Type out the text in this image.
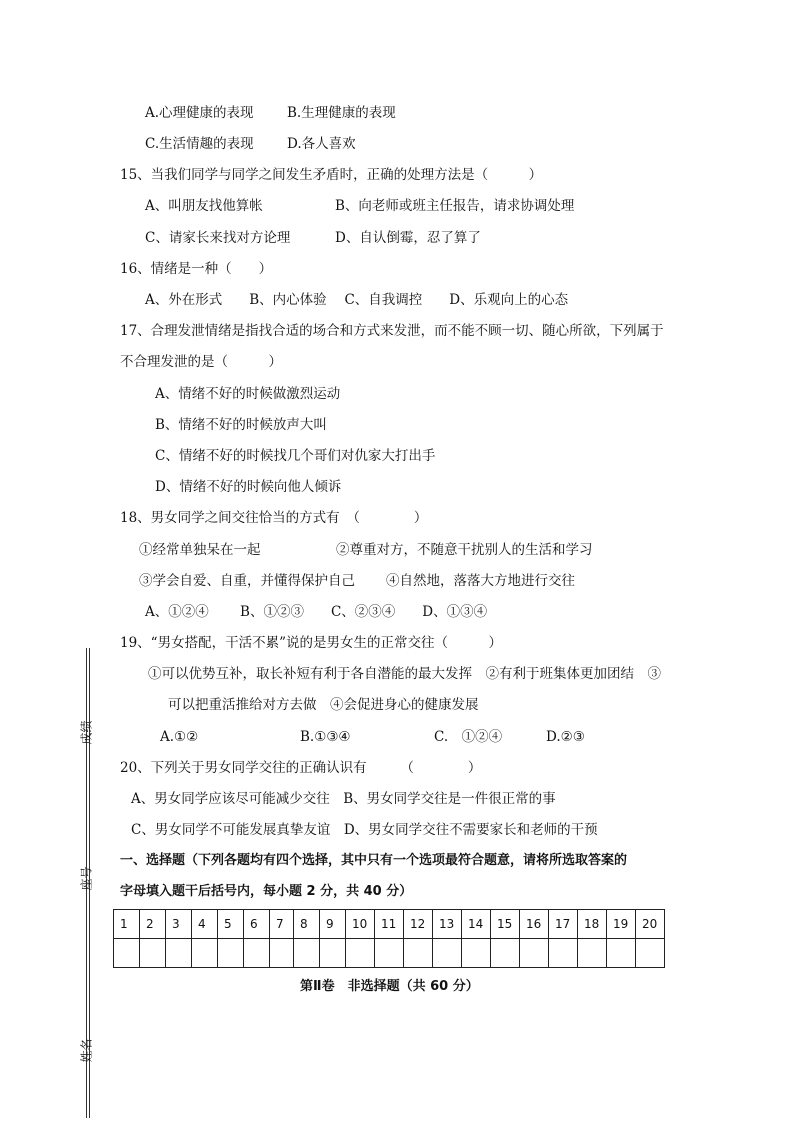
成绩
座号
姓名
A.心理健康的表现 B.生理健康的表现
C.生活情趣的表现 D.各人喜欢
15、当我们同学与同学之间发生矛盾时，正确的处理方法是（　　　）
A、叫朋友找他算帐	B、向老师或班主任报告，请求协调处理
C、请家长来找对方论理	D、自认倒霉，忍了算了
16、情绪是一种（　　）
A、外在形式　　B、内心体验　 C、自我调控　　D、乐观向上的心态
17、合理发泄情绪是指找合适的场合和方式来发泄，而不能不顾一切、随心所欲，下列属于
不合理发泄的是（　　　）
A、情绪不好的时候做激烈运动
B、情绪不好的时候放声大叫
C、情绪不好的时候找几个哥们对仇家大打出手
D、情绪不好的时候向他人倾诉
18、男女同学之间交往恰当的方式有　（　　　　）
①经常单独呆在一起	②尊重对方，不随意干扰别人的生活和学习
③学会自爱、自重，并懂得保护自己 ④自然地，落落大方地进行交往
A、①②④　　 B、①②③　　C、②③④　　D、①③④
19、“男女搭配，干活不累”说的是男女生的正常交往（　　　）
①可以优势互补，取长补短有利于各自潜能的最大发挥　②有利于班集体更加团结　③
可以把重活推给对方去做　④会促进身心的健康发展
A.①②	B.①③④	C.　①②④	D.②③
20、下列关于男女同学交往的正确认识有　　　（　　　　）
A、男女同学应该尽可能减少交往　B、男女同学交往是一件很正常的事
C、男女同学不可能发展真挚友谊　D、男女同学交往不需要家长和老师的干预
一、选择题（下列各题均有四个选择，其中只有一个选项最符合题意，请将所选取答案的
字母填入题干后括号内，每小题 2 分，共 40 分）
1	2	3	4	5	6	7	8	9	10	11	12	13	14	15	16	17	18	19	20

第Ⅱ卷　非选择题（共 60 分）
